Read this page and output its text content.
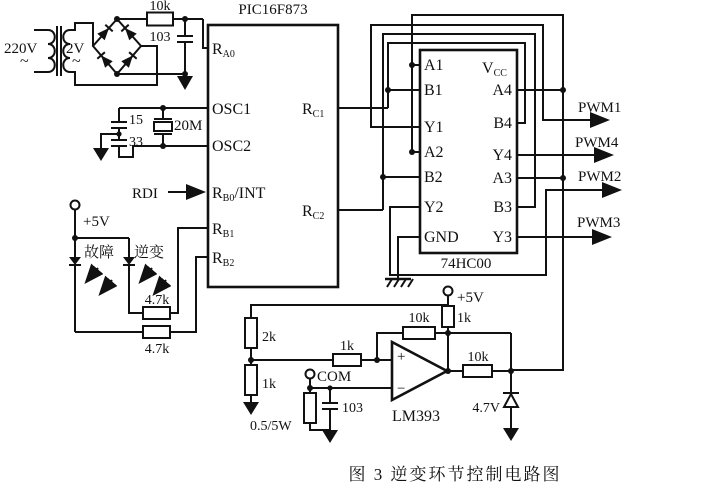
220V
~
2V
~
10k
103
15
33
20M
PIC16F873
RA0
OSC1
OSC2
RB0/INT
RB1
RB2
RC1
RC2
RDI
+5V
故障 逆变
4.7k
4.7k
74HC00
A1
B1
Y1
A2
B2
Y2
GND
VCC
A4
B4
Y4
A3
B3
Y3
PWM1
PWM4
PWM2
PWM3
+5V
1k
2k
1k
0.5/5W
1k
10k
COM
103
+
−
LM393
10k
4.7V
图 3 逆变环节控制电路图
